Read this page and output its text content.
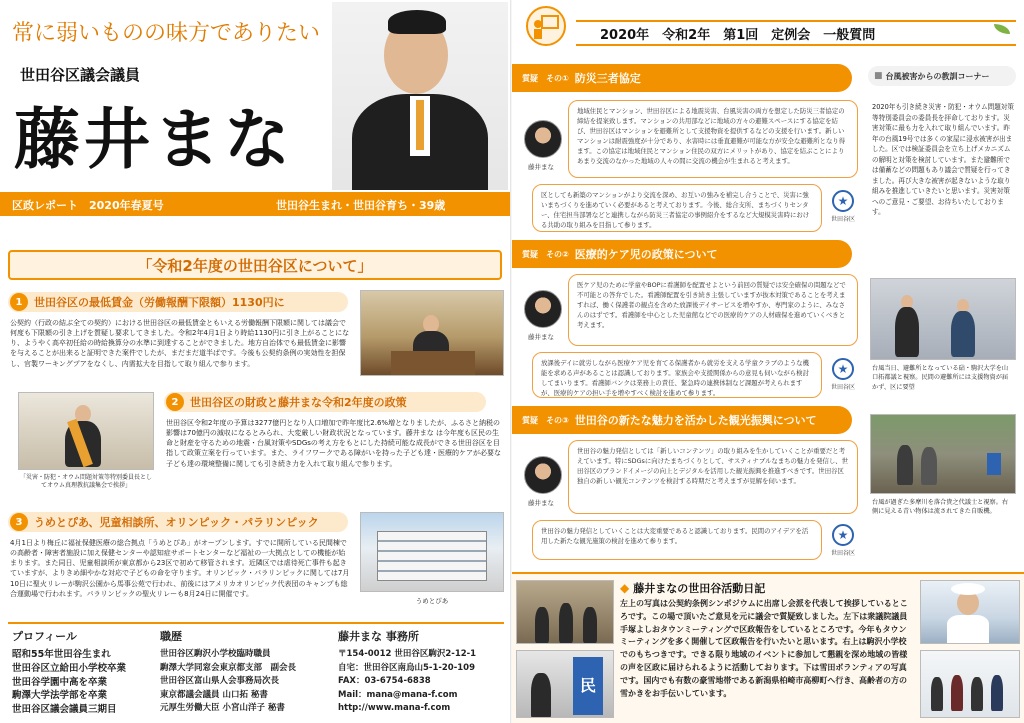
常に弱いものの味方でありたい
世田谷区議会議員
藤井まな
区政レポート　2020年春夏号	世田谷生まれ・世田谷育ち・39歳
「令和2年度の世田谷区について」
1	世田谷区の最低賃金（労働報酬下限額）1130円に
公契約（行政の結ぶ全ての契約）における世田谷区の最低賃金ともいえる労働報酬下限額に関しては議会で何度も下限額の引き上げを質疑し要求してきました。令和2年4月1日より時給1130円に引き上がることになり、ようやく高卒初任給の時給換算分の水準に到達することができました。地方自治体でも最低賃金に影響を与えることが出来ると証明できた案件でしたが、まだまだ道半ばです。今後も公契約条例の実効性を担保し、官製ワーキングプアをなくし、内需拡大を目指して取り組んで参ります。
「災害・防犯・オウム問題対策等特別委員長としてオウム真理教抗議集会で挨拶」
2	世田谷区の財政と藤井まな令和2年度の政策
世田谷区令和2年度の予算は3277億円となり人口増加で昨年度比2.6%増となりましたが、ふるさと納税の影響は70億円の減収になるとみられ、大変厳しい財政状況となっています。藤井まな は今年度も区民の生命と財産を守るための地震・台風対策やSDGsの考え方をもとにした持続可能な成長ができる世田谷区を目指して政策立案を行っています。また、ライフワークである障がいを持った子ども達・医療的ケアが必要な子ども達の環境整備に関しても引き続き力を入れて取り組んで参ります。
3	うめとぴあ、児童相談所、オリンピック・パラリンピック
4月1日より梅丘に福祉保健医療の総合拠点「うめとぴあ」がオープンします。すでに開所している民間棟での高齢者・障害者施設に加え保健センターや認知症サポートセンターなど福祉の一大拠点としての機能が始まります。また同日、児童相談所が東京都から23区で初めて移管されます。近隣区では虐待死亡事件も起きていますが、よりきめ細やかな対応で子どもの命を守ります。オリンピック・パラリンピックに関しては7月10日に聖火リレーが駒沢公園から馬事公苑で行われ、前後にはアメリカオリンピック代表団のキャンプも総合運動場で行われます。パラリンピックの聖火リレーも8月24日に開催です。
うめとぴあ
プロフィール
昭和55年世田谷生まれ
世田谷区立給田小学校卒業
世田谷学園中高を卒業
駒澤大学法学部を卒業
世田谷区議会議員三期目
職歴
世田谷区駒沢小学校臨時職員
駒澤大学同窓会東京都支部　副会長
世田谷区富山県人会事務局次長
東京都議会議員 山口拓 秘書
元厚生労働大臣 小宮山洋子 秘書
藤井まな 事務所
〒154-0012 世田谷区駒沢2-12-1
自宅：世田谷区南烏山5-1-20-109
FAX：03-6754-6838
Mail：mana@mana-f.com
http://www.mana-f.com
2020年　令和2年　第1回　定例会　一般質問
質疑　その① 防災三者協定
藤井まな
地域住民とマンション、世田谷区による地震災害、台風災害の両方を想定した防災三者協定の締結を提案致します。マンションの共用部などに地域の方々の避難スペースにする協定を結び、世田谷区はマンションを避難所として支援物資を提供するなどの支援を行います。新しいマンションは耐震強度が十分であり、水害時には垂直避難が可能な方が安全な避難所となり得ます。この協定は地域住民とマンション住民の双方にメリットがあり、協定を結ぶことによりあまり交流のなかった地域の人々の間に交流の機会が生まれると考えます。
区としても新築のマンションがより交流を深め、お互いの強みを補完し合うことで、災害に強いまちづくりを進めていく必要があると考えております。今後、総合支所、まちづくりセンター、住宅担当部署などと連携しながら防災三者協定の事例紹介をするなど大規模災害時における共助の取り組みを目指して参ります。
★
世田谷区
質疑　その② 医療的ケア児の政策について
藤井まな
医ケア児のために学童やBOPに看護師を配置せよという前回の質疑では安全確保の問題などで不可能との答弁でした。看護師配置を引き続き主張していますが抜本対策であることを考えますれば、働く保護者の観点を含めた放課後デイサービスを増やすか、専門家のように、みなさんのはずです。看護師を中心とした児童館などでの医療的ケアの人材確保を進めていくべきと考えます。
放課後デイに就労しながら医療ケア児を育てる保護者から就労を支える学童クラブのような機能を求める声があることは認識しております。家族会や支援関係からの意見も伺いながら検討してまいります。看護師バンクは業務上の責任、緊急時の連携体制など課題が考えられますが、医療的ケアの担い手を増やすべく検討を進めて参ります。
★
世田谷区
質疑　その③ 世田谷の新たな魅力を活かした観光振興について
藤井まな
世田谷の魅力発信としては「新しいコンテンツ」の取り組みを生かしていくことが重要だと考えています。特にSDGsに向けたまちづくりとして、サスティナブルなまちの魅力を発信し、世田谷区のブランドイメージの向上とデジタルを活用した観光振興を推進すべきです。世田谷区独自の新しい観光コンテンツを検討する時期だと考えますが見解を伺います。
世田谷の魅力発信としていくことは大変重要であると認識しております。民間のアイデアを活用した新たな観光施策の検討を進めて参ります。	★
世田谷区
■ 台風被害からの教訓コーナー
2020年も引き続き災害・防犯・オウム問題対策等特別委員会の委員長を拝命しております。災害対策に最も力を入れて取り組んでいます。昨年の台風19号では多くの家屋に浸水被害が出ました。区では検証委員会を立ち上げメカニズムの解明と対策を検討しています。また避難所では備蓄などの問題もあり議会で質疑を行ってきました。再び大きな被害が起きないような取り組みを推進していきたいと思います。災害対策へのご意見・ご要望、お待ちいたしております。
台風当日、避難所となっている砧・駒沢大学を山口拓都議と視察。民間の避難所には支援物資が届かず、区に要望
台風が過ぎた多摩川を落合貴之代議士と視察。右側に見える青い物体は流されてきた自販機。
民
◆ 藤井まなの世田谷活動日記
左上の写真は公契約条例シンポジウムに出席し会派を代表して挨拶しているところです。この場で頂いたご意見を元に議会で質疑致しました。左下は衆議院議員手塚よしおタウンミーティングで区政報告をしているところです。今年もタウンミーティングを多く開催して区政報告を行いたいと思います。右上は駒沢小学校でのもちつきです。できる限り地域のイベントに参加して懇親を深め地域の皆様の声を区政に届けられるように活動しております。下は雪田ボランティアの写真です。国内でも有数の豪雪地帯である新潟県柏崎市高柳町へ行き、高齢者の方の雪かきをお手伝いしています。
